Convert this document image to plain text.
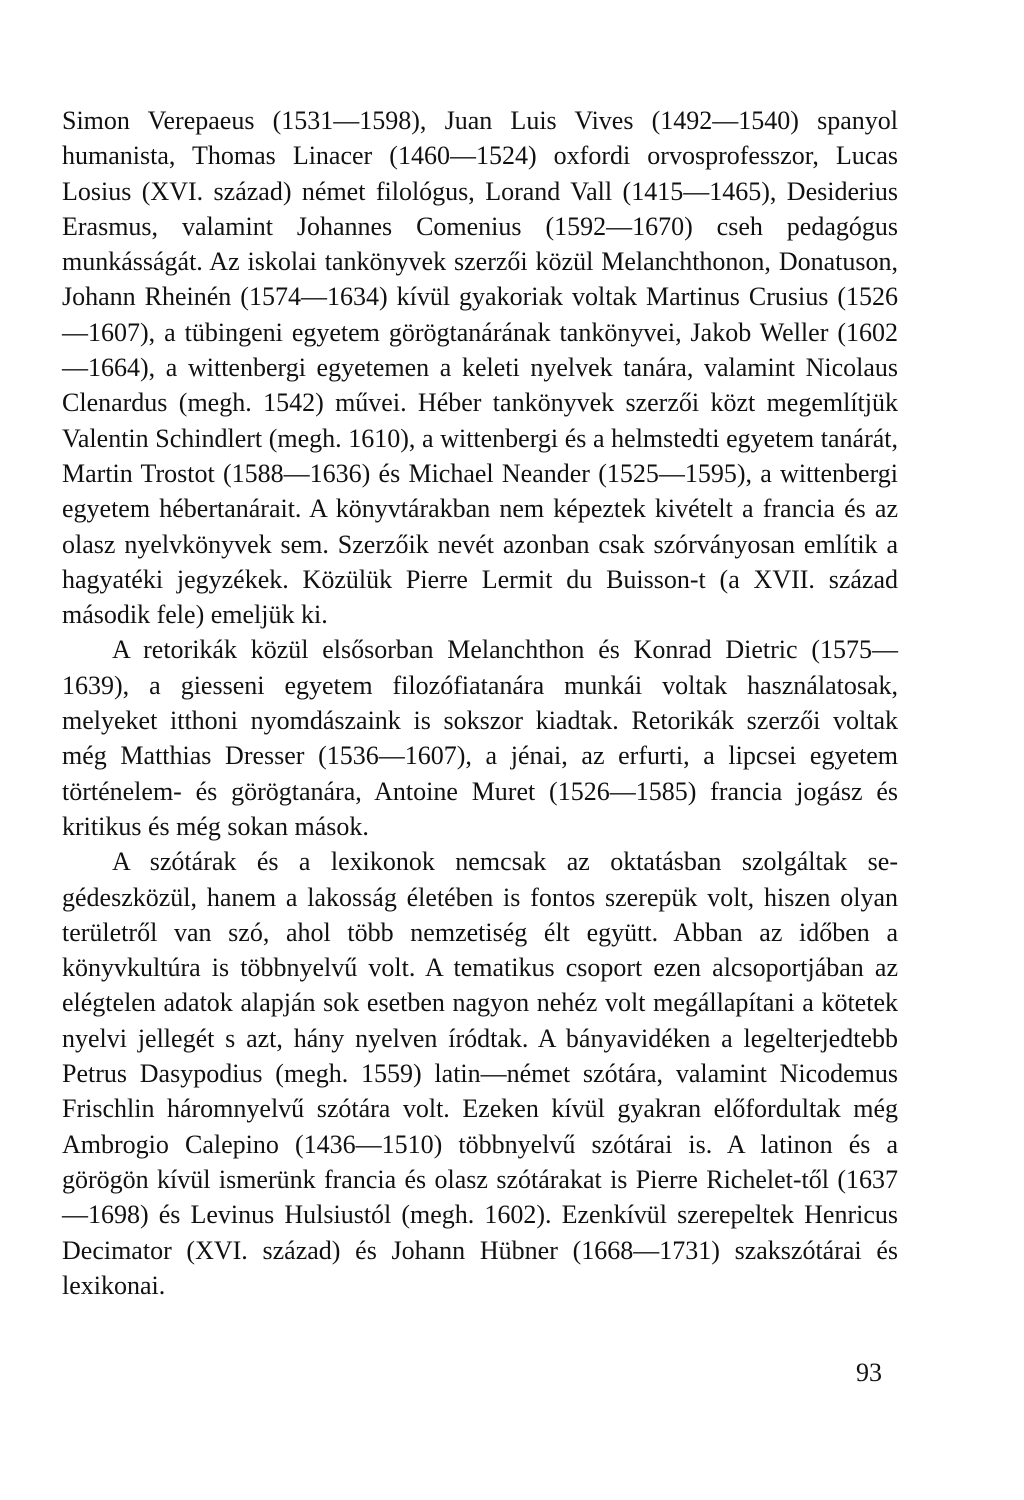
Simon Verepaeus (1531—1598), Juan Luis Vives (1492—1540) spanyol humanista, Thomas Linacer (1460—1524) oxfordi orvosprofesszor, Lucas Losius (XVI. század) német filológus, Lorand Vall (1415—1465), Desiderius Erasmus, valamint Johannes Comenius (1592—1670) cseh pedagógus munkásságát. Az iskolai tankönyvek szerzői közül Melanchthonon, Donatuson, Johann Rheinén (1574—1634) kívül gyakoriak voltak Martinus Crusius (1526—1607), a tübingeni egyetem görögtanárának tankönyvei, Jakob Weller (1602—1664), a wittenbergi egyetemen a keleti nyelvek tanára, valamint Nicolaus Clenardus (megh. 1542) művei. Héber tankönyvek szerzői közt megemlítjük Valentin Schindlert (megh. 1610), a wittenbergi és a helmstedti egyetem tanárát, Martin Trostot (1588—1636) és Michael Neander (1525—1595), a wittenbergi egyetem hébertanárait. A könyvtárakban nem képeztek kivételt a francia és az olasz nyelvkönyvek sem. Szerzőik nevét azonban csak szórványosan említik a hagyatéki jegyzékek. Közülük Pierre Lermit du Buisson-t (a XVII. század második fele) emeljük ki.

A retorikák közül elsősorban Melanchthon és Konrad Dietric (1575—1639), a giesseni egyetem filozófiatanára munkái voltak használatosak, melyeket itthoni nyomdászaink is sokszor kiadtak. Retorikák szerzői voltak még Matthias Dresser (1536—1607), a jénai, az erfurti, a lipcsei egyetem történelem- és görögtanára, Antoine Muret (1526—1585) francia jogász és kritikus és még sokan mások.

A szótárak és a lexikonok nemcsak az oktatásban szolgáltak segédeszközül, hanem a lakosság életében is fontos szerepük volt, hiszen olyan területről van szó, ahol több nemzetiség élt együtt. Abban az időben a könyvkultúra is többnyelvű volt. A tematikus csoport ezen alcsoportjában az elégtelen adatok alapján sok esetben nagyon nehéz volt megállapítani a kötetek nyelvi jellegét s azt, hány nyelven íródtak. A bányavidéken a legelterjedtebb Petrus Dasypodius (megh. 1559) latin—német szótára, valamint Nicodemus Frischlin háromnyelvű szótára volt. Ezeken kívül gyakran előfordultak még Ambrogio Calepino (1436—1510) többnyelvű szótárai is. A latinon és a görögön kívül ismerünk francia és olasz szótárakat is Pierre Richelet-től (1637—1698) és Levinus Hulsiustól (megh. 1602). Ezenkívül szerepeltek Henricus Decimator (XVI. század) és Johann Hübner (1668—1731) szakszótárai és lexikonai.

93
